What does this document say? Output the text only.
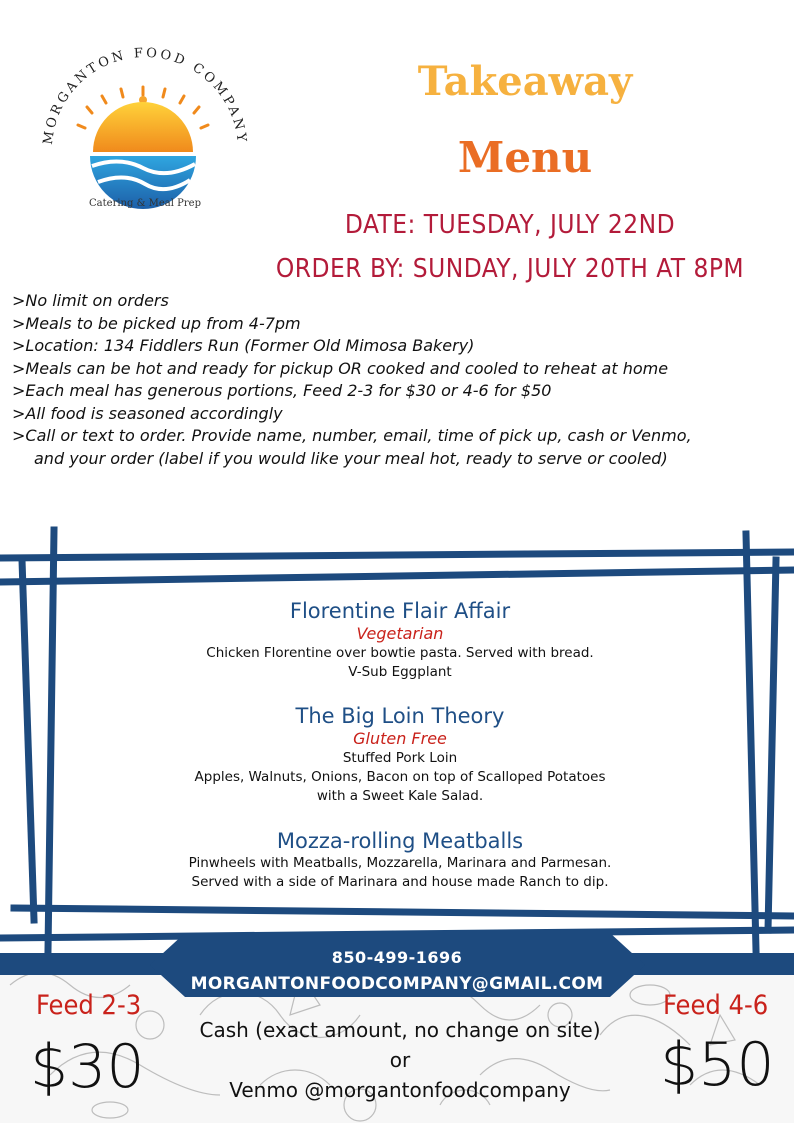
MORGANTON FOOD COMPANY
Catering & Meal Prep
Takeaway
Menu
DATE: TUESDAY, JULY 22ND
ORDER BY: SUNDAY, JULY 20TH AT 8PM
>No limit on orders
>Meals to be picked up from 4-7pm
>Location: 134 Fiddlers Run (Former Old Mimosa Bakery)
>Meals can be hot and ready for pickup OR cooked and cooled to reheat at home
>Each meal has generous portions, Feed 2-3 for $30 or 4-6 for $50
>All food is seasoned accordingly
>Call or text to order. Provide name, number, email, time of pick up, cash or Venmo,
and your order (label if you would like your meal hot, ready to serve or cooled)
Florentine Flair Affair
Vegetarian
Chicken Florentine over bowtie pasta. Served with bread.
V-Sub Eggplant
The Big Loin Theory
Gluten Free
Stuffed Pork Loin
Apples, Walnuts, Onions, Bacon on top of Scalloped Potatoes
with a Sweet Kale Salad.
Mozza-rolling Meatballs
Pinwheels with Meatballs, Mozzarella, Marinara and Parmesan.
Served with a side of Marinara and house made Ranch to dip.
850-499-1696
MORGANTONFOODCOMPANY@GMAIL.COM
Feed 2-3
$30
Feed 4-6
$50
Cash (exact amount, no change on site)
or
Venmo @morgantonfoodcompany
